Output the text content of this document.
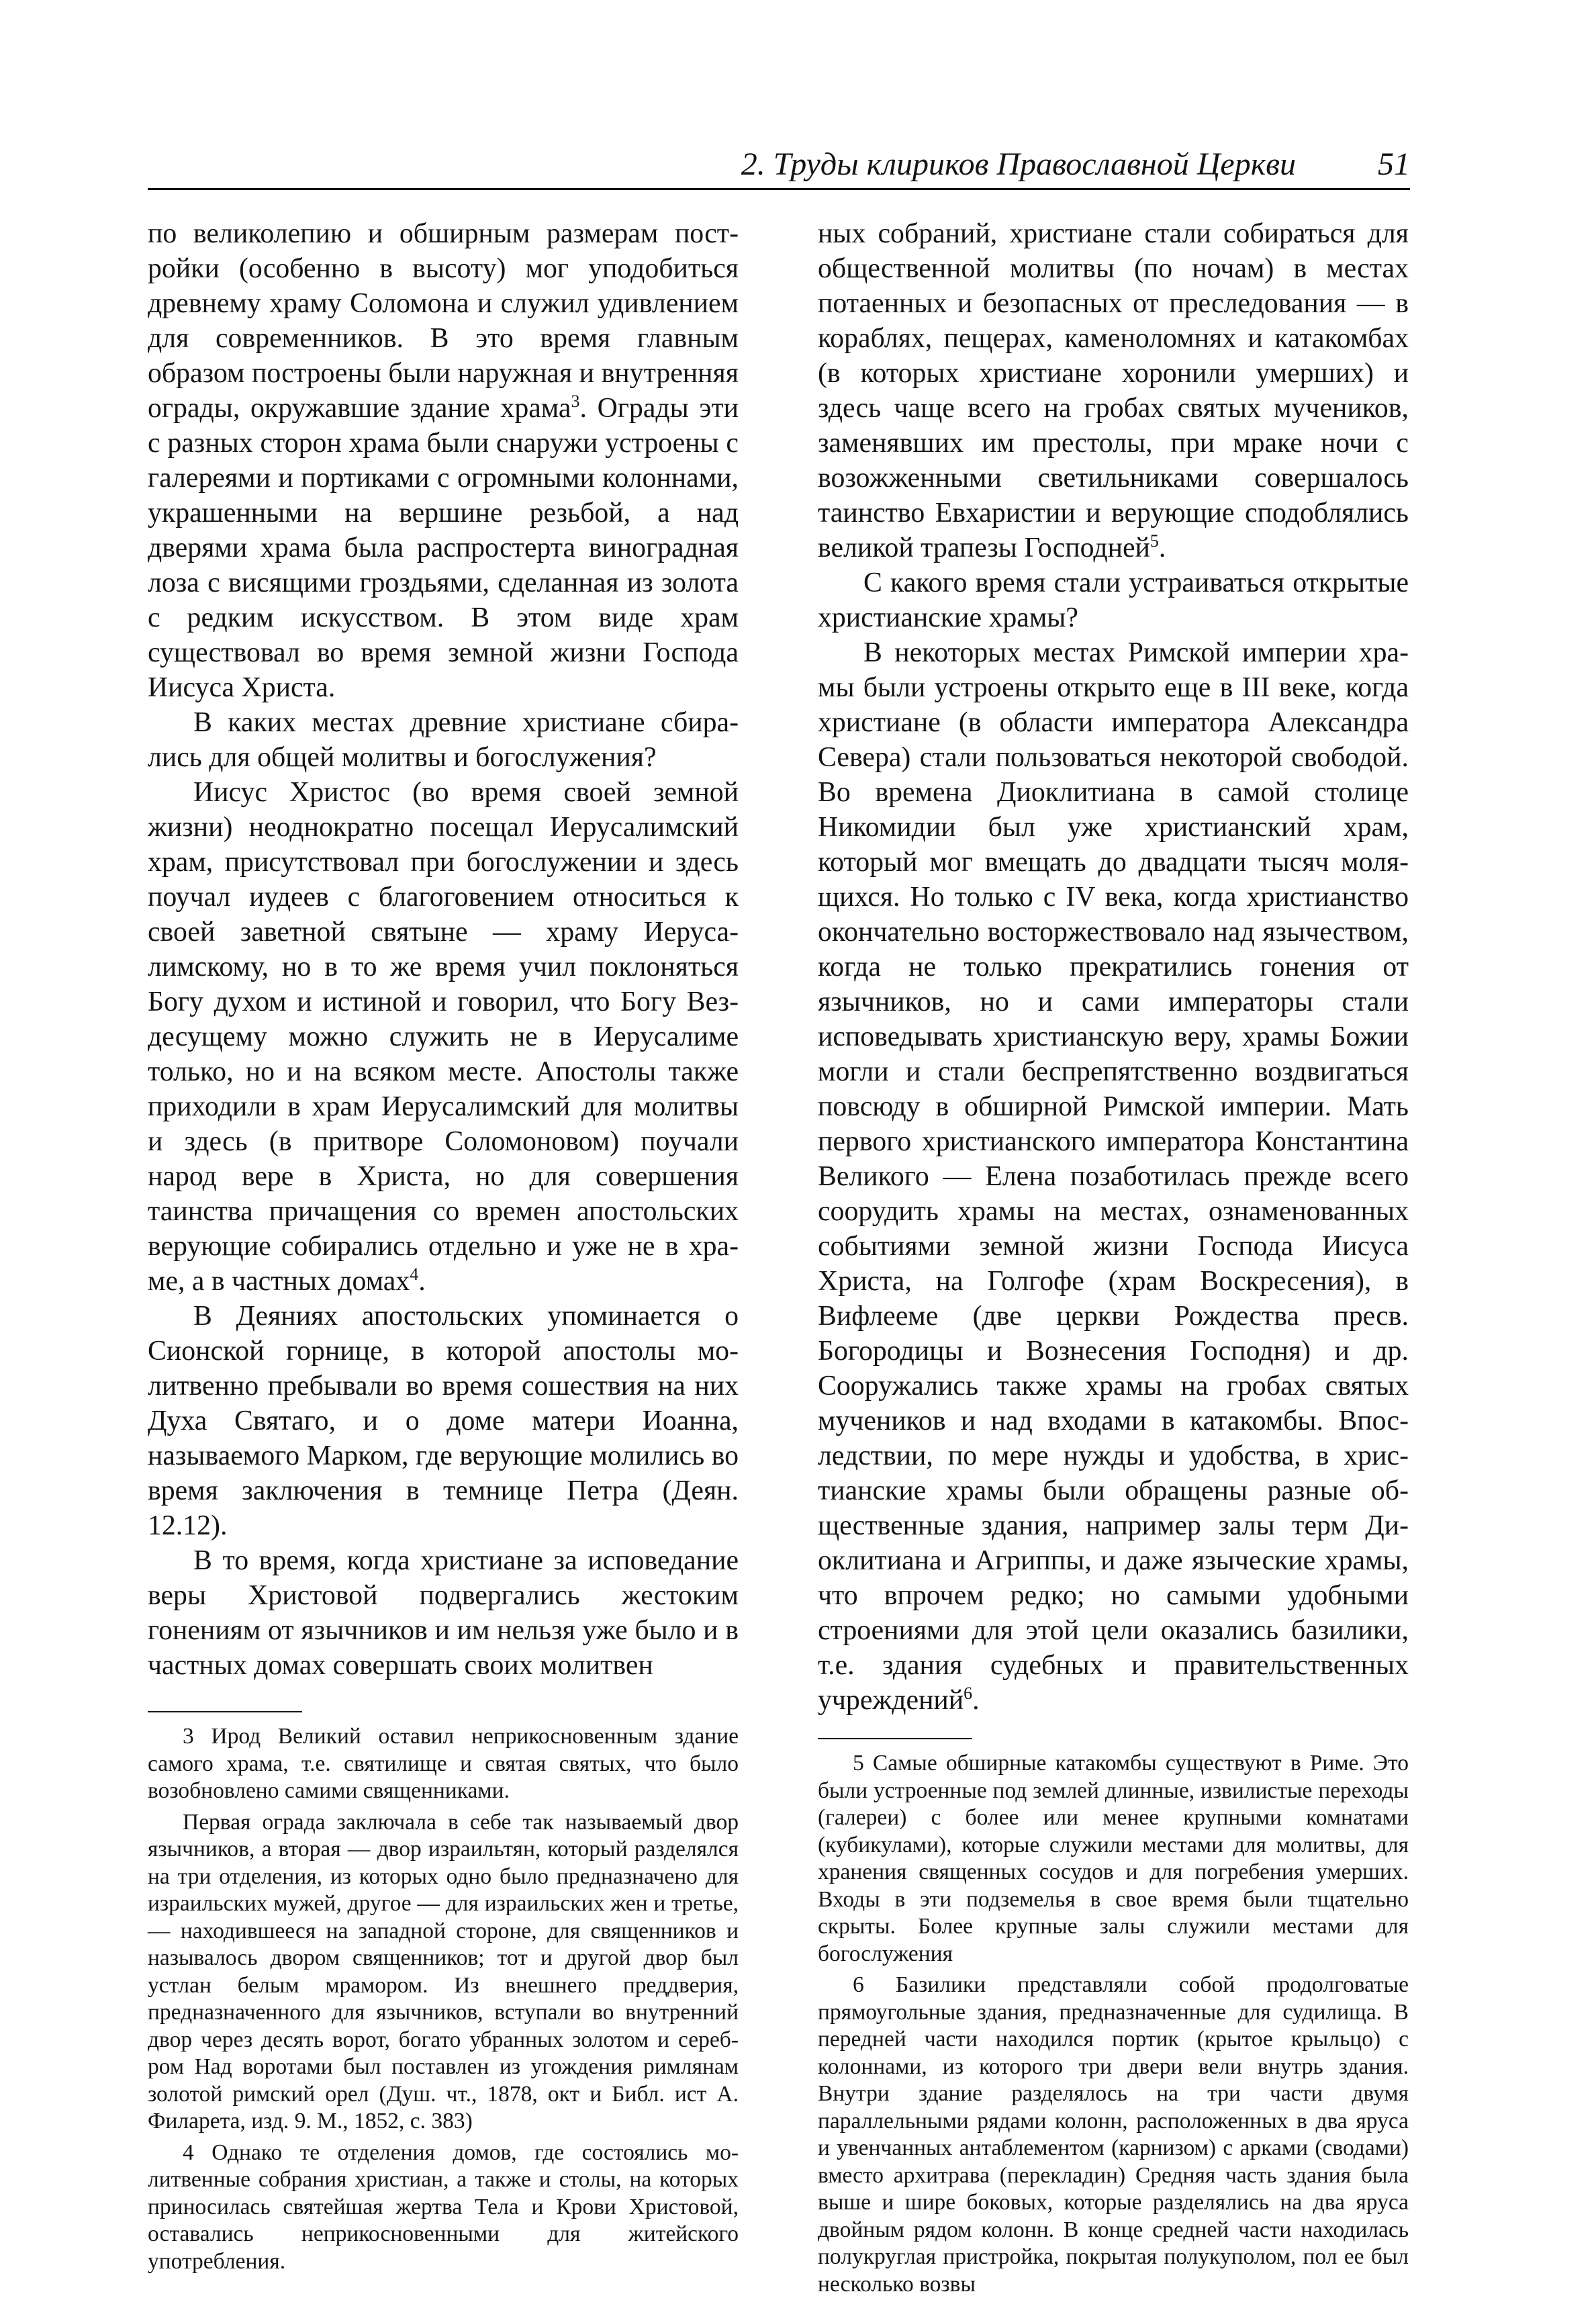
2. Труды клириков Православной Церкви	51

по великолепию и обширным размерам постройки (особенно в высоту) мог уподобиться древнему храму Соломона и служил удивлением для современников. В это время главным образом построены были наружная и внутренняя ограды, окружавшие здание храма$^3$. Ограды эти с разных сторон храма были снаружи устроены с галереями и портиками с огромными колоннами, украшенными на вершине резьбой, а над дверями храма была распростерта виноградная лоза с висящими гроздьями, сделанная из золота с редким искусством. В этом виде храм существовал во время земной жизни Господа Иисуса Христа.

В каких местах древние христиане сбирались для общей молитвы и богослужения?

Иисус Христос (во время своей земной жизни) неоднократно посещал Иерусалимский храм, присутствовал при богослужении и здесь поучал иудеев с благоговением относиться к своей заветной святыне — храму Иерусалимскому, но в то же время учил поклоняться Богу духом и истиной и говорил, что Богу Вездесущему можно служить не в Иерусалиме только, но и на всяком месте. Апостолы также приходили в храм Иерусалимский для молитвы и здесь (в притворе Соломоновом) поучали народ вере в Христа, но для совершения таинства причащения со времен апостольских верующие собирались отдельно и уже не в храме, а в частных домах$^4$.

В Деяниях апостольских упоминается о Сионской горнице, в которой апостолы молитвенно пребывали во время сошествия на них Духа Святаго, и о доме матери Иоанна, называемого Марком, где верующие молились во время заключения в темнице Петра (Деян. 12.12).

В то время, когда христиане за исповедание веры Христовой подвергались жестоким гонениям от язычников и им нельзя уже было и в частных домах совершать своих молитвен

3 Ирод Великий оставил неприкосновенным здание самого храма, т.е. святилище и святая святых, что было возобновлено самими священниками.

Первая ограда заключала в себе так называемый двор язычников, а вторая — двор израильтян, который разделялся на три отделения, из которых одно было предназначено для израильских мужей, другое — для израильских жен и третье, — находившееся на западной стороне, для священников и называлось двором священников; тот и другой двор был устлан белым мрамором. Из внешнего преддверия, предназначенного для язычников, вступали во внутренний двор через десять ворот, богато убранных золотом и серебром Над воротами был поставлен из угождения римлянам золотой римский орел (Душ. чт., 1878, окт и Библ. ист А. Филарета, изд. 9. М., 1852, с. 383)

4 Однако те отделения домов, где состоялись молитвенные собрания христиан, а также и столы, на которых приносилась святейшая жертва Тела и Крови Христовой, оставались неприкосновенными для житейского употребления.

ных собраний, христиане стали собираться для общественной молитвы (по ночам) в местах потаенных и безопасных от преследования — в кораблях, пещерах, каменоломнях и катакомбах (в которых христиане хоронили умерших) и здесь чаще всего на гробах святых мучеников, заменявших им престолы, при мраке ночи с возожженными светильниками совершалось таинство Евхаристии и верующие сподоблялись великой трапезы Господней$^5$.

С какого время стали устраиваться открытые христианские храмы?

В некоторых местах Римской империи храмы были устроены открыто еще в III веке, когда христиане (в области императора Александра Севера) стали пользоваться некоторой свободой. Во времена Диоклитиана в самой столице Никомидии был уже христианский храм, который мог вмещать до двадцати тысяч молящихся. Но только с IV века, когда христианство окончательно восторжествовало над язычеством, когда не только прекратились гонения от язычников, но и сами императоры стали исповедывать христианскую веру, храмы Божии могли и стали беспрепятственно воздвигаться повсюду в обширной Римской империи. Мать первого христианского императора Константина Великого — Елена позаботилась прежде всего соорудить храмы на местах, ознаменованных событиями земной жизни Господа Иисуса Христа, на Голгофе (храм Воскресения), в Вифлееме (две церкви Рождества пресв. Богородицы и Вознесения Господня) и др. Сооружались также храмы на гробах святых мучеников и над входами в катакомбы. Впоследствии, по мере нужды и удобства, в христианские храмы были обращены разные общественные здания, например залы терм Диоклитиана и Агриппы, и даже языческие храмы, что впрочем редко; но самыми удобными строениями для этой цели оказались базилики, т.е. здания судебных и правительственных учреждений$^6$.

5 Самые обширные катакомбы существуют в Риме. Это были устроенные под землей длинные, извилистые переходы (галереи) с более или менее крупными комнатами (кубикулами), которые служили местами для молитвы, для хранения священных сосудов и для погребения умерших. Входы в эти подземелья в свое время были тщательно скрыты. Более крупные залы служили местами для богослужения

6 Базилики представляли собой продолговатые прямоугольные здания, предназначенные для судилища. В передней части находился портик (крытое крыльцо) с колоннами, из которого три двери вели внутрь здания. Внутри здание разделялось на три части двумя параллельными рядами колонн, расположенных в два яруса и увенчанных антаблементом (карнизом) с арками (сводами) вместо архитрава (перекладин) Средняя часть здания была выше и шире боковых, которые разделялись на два яруса двойным рядом колонн. В конце средней части находилась полукруглая пристройка, покрытая полукуполом, пол ее был несколько возвы
